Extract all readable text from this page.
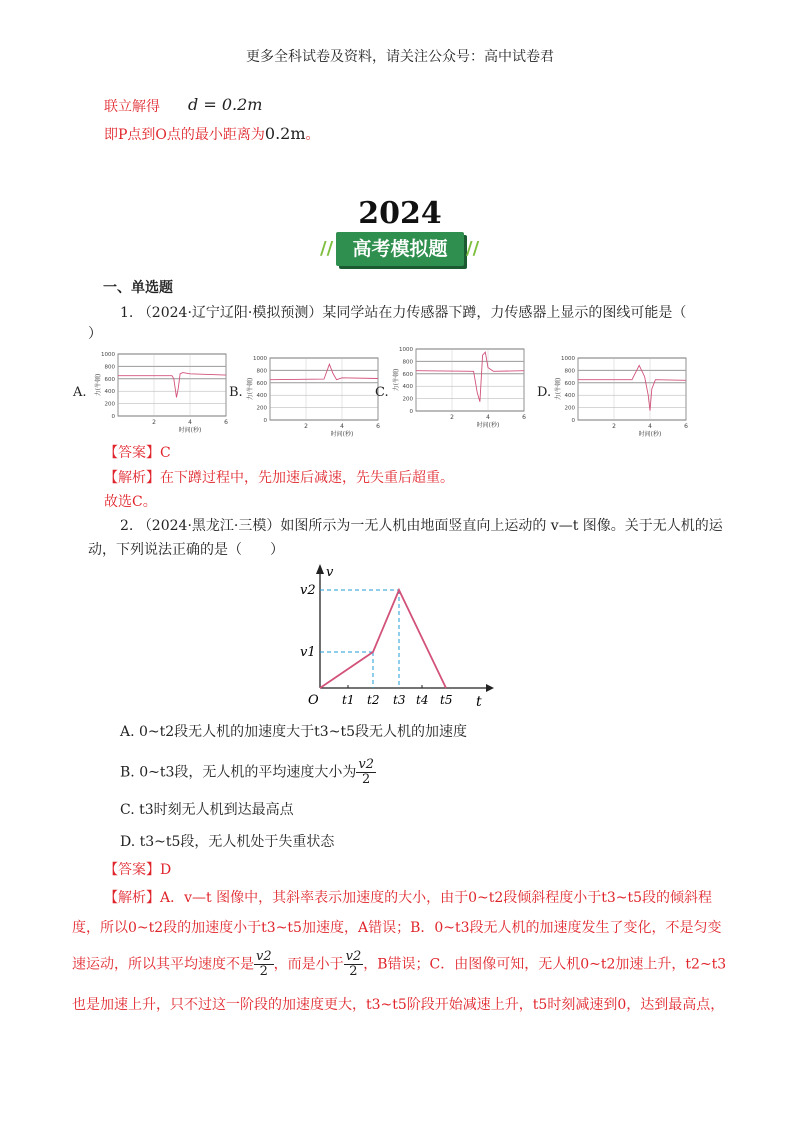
更多全科试卷及资料，请关注公众号：高中试卷君
联立解得 d = 0.2m
即P点到O点的最小距离为0.2m。
2024
//	高考模拟题	//
一、单选题
1. （2024·辽宁辽阳·模拟预测）某同学站在力传感器下蹲，力传感器上显示的图线可能是（
）
A.
1000
800
600
400
200
0
2	4	6
力(牛顿)
时间(秒)
B.
1000
800
600
400
200
0
2	4	6
力(牛顿)
时间(秒)
C.
1000
800
600
400
200
0
2	4	6
力(牛顿)
时间(秒)
D.
1000
800
600
400
200
0
2	4	6
力(牛顿)
时间(秒)
【答案】C
【解析】在下蹲过程中，先加速后减速，先失重后超重。
故选C。
2. （2024·黑龙江·三模）如图所示为一无人机由地面竖直向上运动的 v—t 图像。关于无人机的运
动，下列说法正确的是（　　）
v
t
O
v1
v2
t1 t2 t3 t4 t5
A. 0~t2段无人机的加速度大于t3~t5段无人机的加速度
B. 0~t3段，无人机的平均速度大小为 $\frac{v2}{2}$
C. t3时刻无人机到达最高点
D. t3~t5段，无人机处于失重状态
【答案】D
【解析】A．v—t 图像中，其斜率表示加速度的大小，由于0~t2段倾斜程度小于t3~t5段的倾斜程
度，所以0~t2段的加速度小于t3~t5加速度，A错误；B．0~t3段无人机的加速度发生了变化，不是匀变
速运动，所以其平均速度不是 $\frac{v2}{2}$ ，而是小于 $\frac{v2}{2}$ ，B错误；C．由图像可知，无人机0~t2加速上升，t2~t3
也是加速上升，只不过这一阶段的加速度更大，t3~t5阶段开始减速上升，t5时刻减速到0，达到最高点，
